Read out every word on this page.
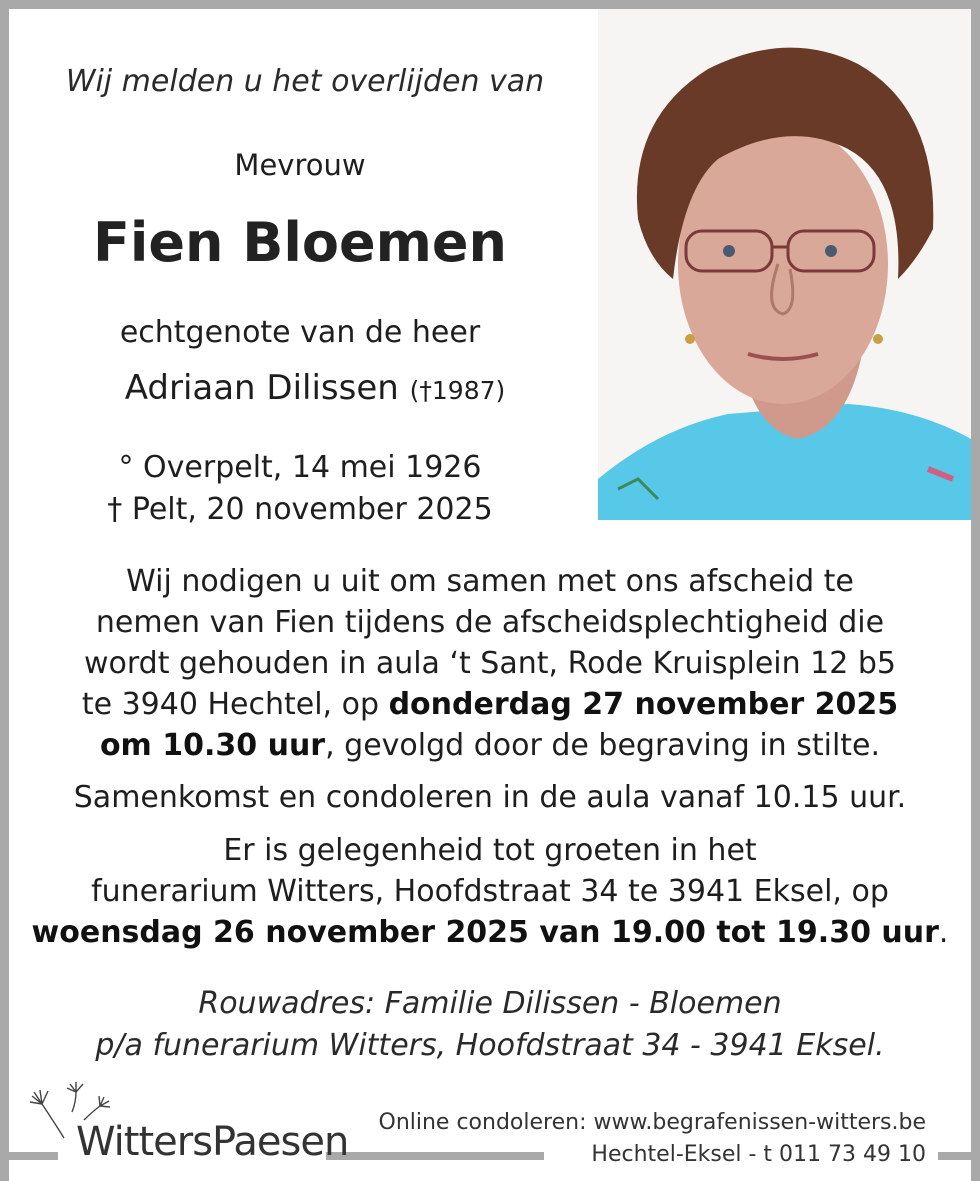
Wij melden u het overlijden van
Mevrouw
Fien Bloemen
echtgenote van de heer
Adriaan Dilissen (†1987)
° Overpelt, 14 mei 1926
† Pelt, 20 november 2025
Wij nodigen u uit om samen met ons afscheid te
nemen van Fien tijdens de afscheidsplechtigheid die
wordt gehouden in aula ‘t Sant, Rode Kruisplein 12 b5
te 3940 Hechtel, op donderdag 27 november 2025
om 10.30 uur, gevolgd door de begraving in stilte.
Samenkomst en condoleren in de aula vanaf 10.15 uur.
Er is gelegenheid tot groeten in het
funerarium Witters, Hoofdstraat 34 te 3941 Eksel, op
woensdag 26 november 2025 van 19.00 tot 19.30 uur.
Rouwadres: Familie Dilissen - Bloemen
p/a funerarium Witters, Hoofdstraat 34 - 3941 Eksel.
WittersPaesen Online condoleren: www.begrafenissen-witters.be
Hechtel-Eksel - t 011 73 49 10
